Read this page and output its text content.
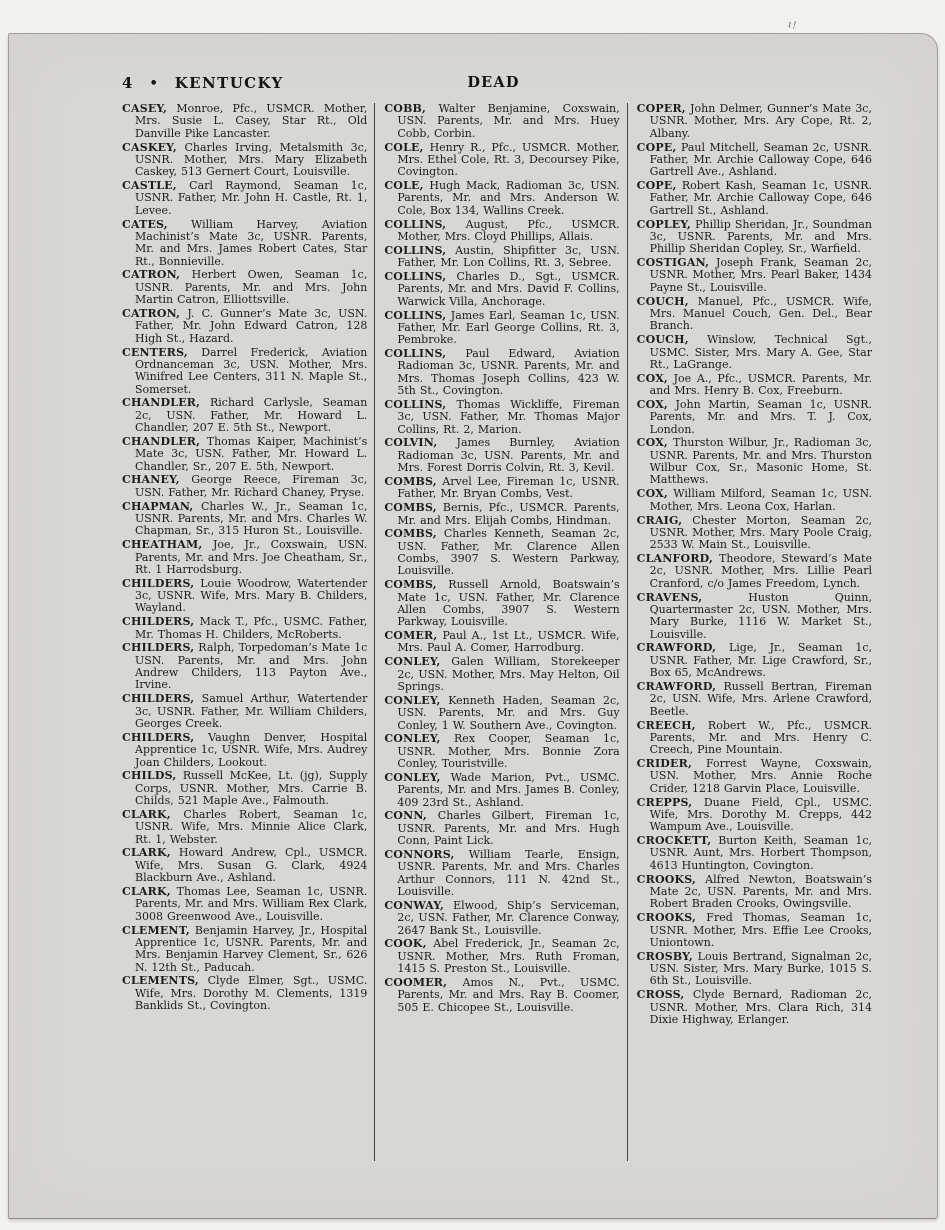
ı!
4 • KENTUCKY	DEAD
CASEY, Monroe, Pfc., USMCR. Mother, Mrs. Susie L. Casey, Star Rt., Old Danville Pike Lancaster.
CASKEY, Charles Irving, Metalsmith 3c, USNR. Mother, Mrs. Mary Elizabeth Caskey, 513 Gernert Court, Louisville.
CASTLE, Carl Raymond, Seaman 1c, USNR. Father, Mr. John H. Castle, Rt. 1, Levee.
CATES, William Harvey, Aviation Machinist’s Mate 3c, USNR. Parents, Mr. and Mrs. James Robert Cates, Star Rt., Bonnieville.
CATRON, Herbert Owen, Seaman 1c, USNR. Parents, Mr. and Mrs. John Martin Catron, Elliottsville.
CATRON, J. C. Gunner’s Mate 3c, USN. Father, Mr. John Edward Catron, 128 High St., Hazard.
CENTERS, Darrel Frederick, Aviation Ordnanceman 3c, USN. Mother, Mrs. Winifred Lee Centers, 311 N. Maple St., Somerset.
CHANDLER, Richard Carlysle, Seaman 2c, USN. Father, Mr. Howard L. Chandler, 207 E. 5th St., Newport.
CHANDLER, Thomas Kaiper, Machinist’s Mate 3c, USN. Father, Mr. Howard L. Chandler, Sr., 207 E. 5th, Newport.
CHANEY, George Reece, Fireman 3c, USN. Father, Mr. Richard Chaney, Pryse.
CHAPMAN, Charles W., Jr., Seaman 1c, USNR. Parents, Mr. and Mrs. Charles W. Chapman, Sr., 315 Huron St., Louisville.
CHEATHAM, Joe, Jr., Coxswain, USN. Parents, Mr. and Mrs. Joe Cheatham, Sr., Rt. 1 Harrodsburg.
CHILDERS, Louie Woodrow, Watertender 3c, USNR. Wife, Mrs. Mary B. Childers, Wayland.
CHILDERS, Mack T., Pfc., USMC. Father, Mr. Thomas H. Childers, McRoberts.
CHILDERS, Ralph, Torpedoman’s Mate 1c USN. Parents, Mr. and Mrs. John Andrew Childers, 113 Payton Ave., Irvine.
CHILDERS, Samuel Arthur, Watertender 3c, USNR. Father, Mr. William Childers, Georges Creek.
CHILDERS, Vaughn Denver, Hospital Apprentice 1c, USNR. Wife, Mrs. Audrey Joan Childers, Lookout.
CHILDS, Russell McKee, Lt. (jg), Supply Corps, USNR. Mother, Mrs. Carrie B. Childs, 521 Maple Ave., Falmouth.
CLARK, Charles Robert, Seaman 1c, USNR. Wife, Mrs. Minnie Alice Clark, Rt. 1, Webster.
CLARK, Howard Andrew, Cpl., USMCR. Wife, Mrs. Susan G. Clark, 4924 Blackburn Ave., Ashland.
CLARK, Thomas Lee, Seaman 1c, USNR. Parents, Mr. and Mrs. William Rex Clark, 3008 Greenwood Ave., Louisville.
CLEMENT, Benjamin Harvey, Jr., Hospital Apprentice 1c, USNR. Parents, Mr. and Mrs. Benjamin Harvey Clement, Sr., 626 N. 12th St., Paducah.
CLEMENTS, Clyde Elmer, Sgt., USMC. Wife, Mrs. Dorothy M. Clements, 1319 Banklids St., Covington.
COBB, Walter Benjamine, Coxswain, USN. Parents, Mr. and Mrs. Huey Cobb, Corbin.
COLE, Henry R., Pfc., USMCR. Mother, Mrs. Ethel Cole, Rt. 3, Decoursey Pike, Covington.
COLE, Hugh Mack, Radioman 3c, USN. Parents, Mr. and Mrs. Anderson W. Cole, Box 134, Wallins Creek.
COLLINS, August, Pfc., USMCR. Mother, Mrs. Cloyd Phillips, Allais.
COLLINS, Austin, Shipfitter 3c, USN. Father, Mr. Lon Collins, Rt. 3, Sebree.
COLLINS, Charles D., Sgt., USMCR. Parents, Mr. and Mrs. David F. Collins, Warwick Villa, Anchorage.
COLLINS, James Earl, Seaman 1c, USN. Father, Mr. Earl George Collins, Rt. 3, Pembroke.
COLLINS, Paul Edward, Aviation Radioman 3c, USNR. Parents, Mr. and Mrs. Thomas Joseph Collins, 423 W. 5th St., Covington.
COLLINS, Thomas Wickliffe, Fireman 3c, USN. Father, Mr. Thomas Major Collins, Rt. 2, Marion.
COLVIN, James Burnley, Aviation Radioman 3c, USN. Parents, Mr. and Mrs. Forest Dorris Colvin, Rt. 3, Kevil.
COMBS, Arvel Lee, Fireman 1c, USNR. Father, Mr. Bryan Combs, Vest.
COMBS, Bernis, Pfc., USMCR. Parents, Mr. and Mrs. Elijah Combs, Hindman.
COMBS, Charles Kenneth, Seaman 2c, USN. Father, Mr. Clarence Allen Combs, 3907 S. Western Parkway, Louisville.
COMBS, Russell Arnold, Boatswain’s Mate 1c, USN. Father, Mr. Clarence Allen Combs, 3907 S. Western Parkway, Louisville.
COMER, Paul A., 1st Lt., USMCR. Wife, Mrs. Paul A. Comer, Harrodburg.
CONLEY, Galen William, Storekeeper 2c, USN. Mother, Mrs. May Helton, Oil Springs.
CONLEY, Kenneth Haden, Seaman 2c, USN. Parents, Mr. and Mrs. Guy Conley, 1 W. Southern Ave., Covington.
CONLEY, Rex Cooper, Seaman 1c, USNR. Mother, Mrs. Bonnie Zora Conley, Touristville.
CONLEY, Wade Marion, Pvt., USMC. Parents, Mr. and Mrs. James B. Conley, 409 23rd St., Ashland.
CONN, Charles Gilbert, Fireman 1c, USNR. Parents, Mr. and Mrs. Hugh Conn, Paint Lick.
CONNORS, William Tearle, Ensign, USNR. Parents, Mr. and Mrs. Charles Arthur Connors, 111 N. 42nd St., Louisville.
CONWAY, Elwood, Ship’s Serviceman, 2c, USN. Father, Mr. Clarence Conway, 2647 Bank St., Louisville.
COOK, Abel Frederick, Jr., Seaman 2c, USNR. Mother, Mrs. Ruth Froman, 1415 S. Preston St., Louisville.
COOMER, Amos N., Pvt., USMC. Parents, Mr. and Mrs. Ray B. Coomer, 505 E. Chicopee St., Louisville.
COPER, John Delmer, Gunner’s Mate 3c, USNR. Mother, Mrs. Ary Cope, Rt. 2, Albany.
COPE, Paul Mitchell, Seaman 2c, USNR. Father, Mr. Archie Calloway Cope, 646 Gartrell Ave., Ashland.
COPE, Robert Kash, Seaman 1c, USNR. Father, Mr. Archie Calloway Cope, 646 Gartrell St., Ashland.
COPLEY, Phillip Sheridan, Jr., Soundman 3c, USNR. Parents, Mr. and Mrs. Phillip Sheridan Copley, Sr., Warfield.
COSTIGAN, Joseph Frank, Seaman 2c, USNR. Mother, Mrs. Pearl Baker, 1434 Payne St., Louisville.
COUCH, Manuel, Pfc., USMCR. Wife, Mrs. Manuel Couch, Gen. Del., Bear Branch.
COUCH, Winslow, Technical Sgt., USMC. Sister, Mrs. Mary A. Gee, Star Rt., LaGrange.
COX, Joe A., Pfc., USMCR. Parents, Mr. and Mrs. Henry B. Cox, Freeburn.
COX, John Martin, Seaman 1c, USNR. Parents, Mr. and Mrs. T. J. Cox, London.
COX, Thurston Wilbur, Jr., Radioman 3c, USNR. Parents, Mr. and Mrs. Thurston Wilbur Cox, Sr., Masonic Home, St. Matthews.
COX, William Milford, Seaman 1c, USN. Mother, Mrs. Leona Cox, Harlan.
CRAIG, Chester Morton, Seaman 2c, USNR. Mother, Mrs. Mary Poole Craig, 2533 W. Main St., Louisville.
CLANFORD, Theodore, Steward’s Mate 2c, USNR. Mother, Mrs. Lillie Pearl Cranford, c/o James Freedom, Lynch.
CRAVENS, Huston Quinn, Quartermaster 2c, USN. Mother, Mrs. Mary Burke, 1116 W. Market St., Louisville.
CRAWFORD, Lige, Jr., Seaman 1c, USNR. Father, Mr. Lige Crawford, Sr., Box 65, McAndrews.
CRAWFORD, Russell Bertran, Fireman 2c, USN. Wife, Mrs. Arlene Crawford, Beetle.
CREECH, Robert W., Pfc., USMCR. Parents, Mr. and Mrs. Henry C. Creech, Pine Mountain.
CRIDER, Forrest Wayne, Coxswain, USN. Mother, Mrs. Annie Roche Crider, 1218 Garvin Place, Louisville.
CREPPS, Duane Field, Cpl., USMC. Wife, Mrs. Dorothy M. Crepps, 442 Wampum Ave., Louisville.
CROCKETT, Burton Keith, Seaman 1c, USNR. Aunt, Mrs. Horbert Thompson, 4613 Huntington, Covington.
CROOKS, Alfred Newton, Boatswain’s Mate 2c, USN. Parents, Mr. and Mrs. Robert Braden Crooks, Owingsville.
CROOKS, Fred Thomas, Seaman 1c, USNR. Mother, Mrs. Effie Lee Crooks, Uniontown.
CROSBY, Louis Bertrand, Signalman 2c, USN. Sister, Mrs. Mary Burke, 1015 S. 6th St., Louisville.
CROSS, Clyde Bernard, Radioman 2c, USNR. Mother, Mrs. Clara Rich, 314 Dixie Highway, Erlanger.
